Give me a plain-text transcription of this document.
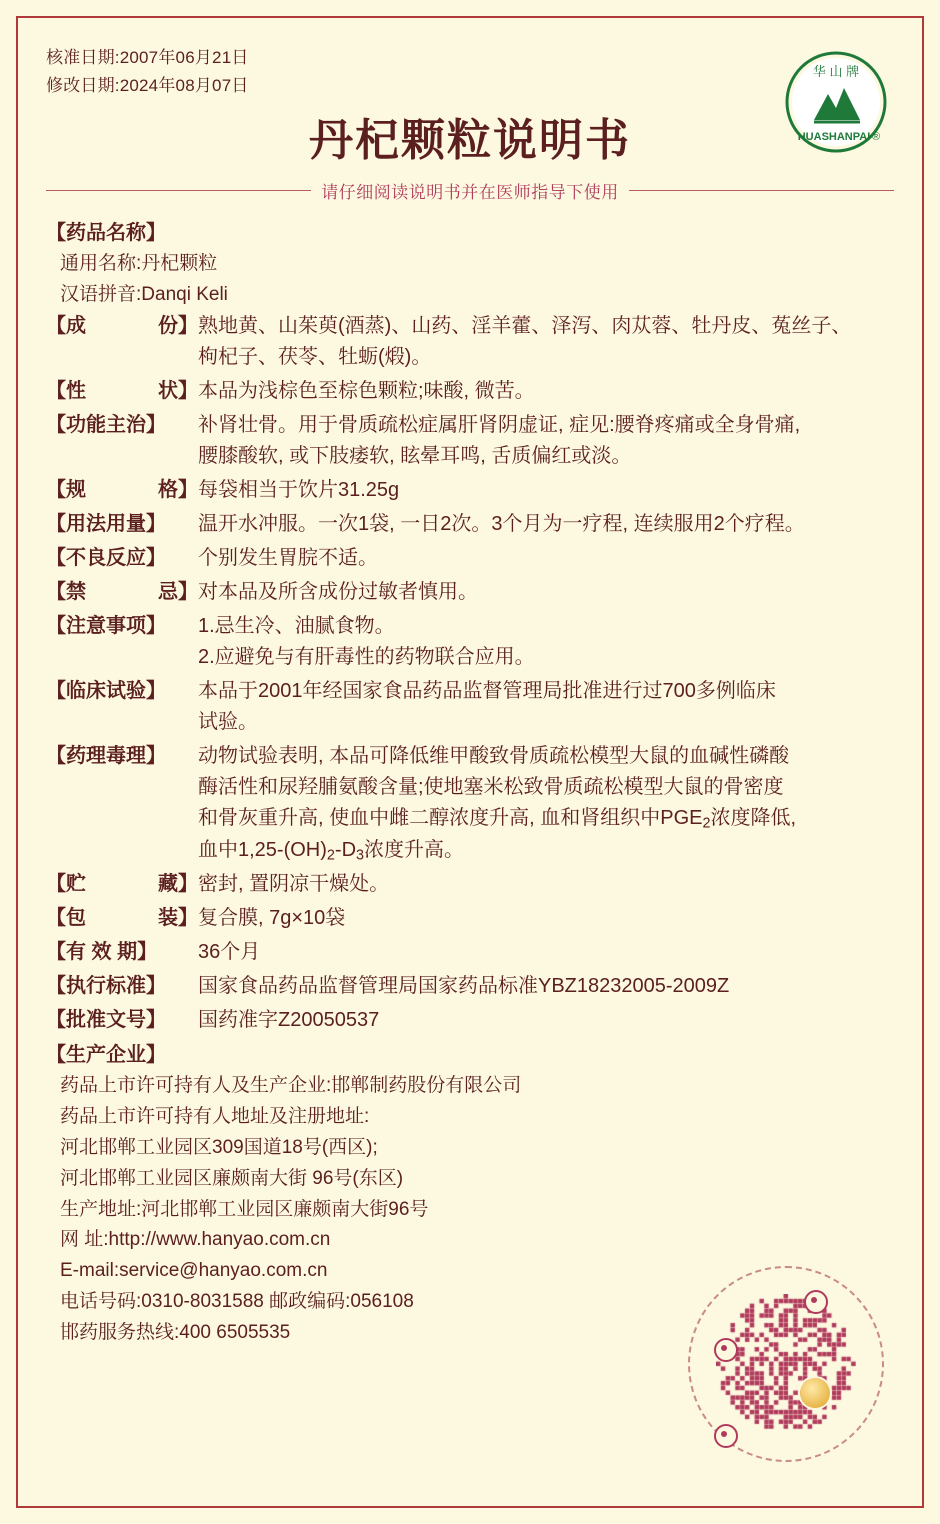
核准日期:2007年06月21日
修改日期:2024年08月07日
华 山 牌
HUASHANPAI ®
丹杞颗粒说明书
请仔细阅读说明书并在医师指导下使用
【药品名称】
通用名称:丹杞颗粒
汉语拼音:Danqi Keli
【成	份】 熟地黄、山茱萸(酒蒸)、山药、淫羊藿、泽泻、肉苁蓉、牡丹皮、菟丝子、
枸杞子、茯苓、牡蛎(煅)。
【性	状】 本品为浅棕色至棕色颗粒;味酸, 微苦。
【功能主治】	补肾壮骨。用于骨质疏松症属肝肾阴虚证, 症见:腰脊疼痛或全身骨痛,
腰膝酸软, 或下肢痿软, 眩晕耳鸣, 舌质偏红或淡。
【规	格】 每袋相当于饮片31.25g
【用法用量】	温开水冲服。一次1袋, 一日2次。3个月为一疗程, 连续服用2个疗程。
【不良反应】	个别发生胃脘不适。
【禁	忌】 对本品及所含成份过敏者慎用。
【注意事项】	1.忌生冷、油腻食物。
2.应避免与有肝毒性的药物联合应用。
【临床试验】	本品于2001年经国家食品药品监督管理局批准进行过700多例临床
试验。
【药理毒理】	动物试验表明, 本品可降低维甲酸致骨质疏松模型大鼠的血碱性磷酸
酶活性和尿羟脯氨酸含量;使地塞米松致骨质疏松模型大鼠的骨密度
和骨灰重升高, 使血中雌二醇浓度升高, 血和肾组织中$PGE_2$浓度降低,
血中$1,25-(OH)_2-D_3$浓度升高。
【贮	藏】 密封, 置阴凉干燥处。
【包	装】 复合膜, 7g×10袋
【有 效 期】	36个月
【执行标准】	国家食品药品监督管理局国家药品标准YBZ18232005-2009Z
【批准文号】	国药准字Z20050537
【生产企业】
药品上市许可持有人及生产企业:邯郸制药股份有限公司
药品上市许可持有人地址及注册地址:
河北邯郸工业园区309国道18号(西区);
河北邯郸工业园区廉颇南大街 96号(东区)
生产地址:河北邯郸工业园区廉颇南大街96号
网 址:http://www.hanyao.com.cn
E-mail:service@hanyao.com.cn
电话号码:0310-8031588 邮政编码:056108
邯药服务热线:400 6505535
